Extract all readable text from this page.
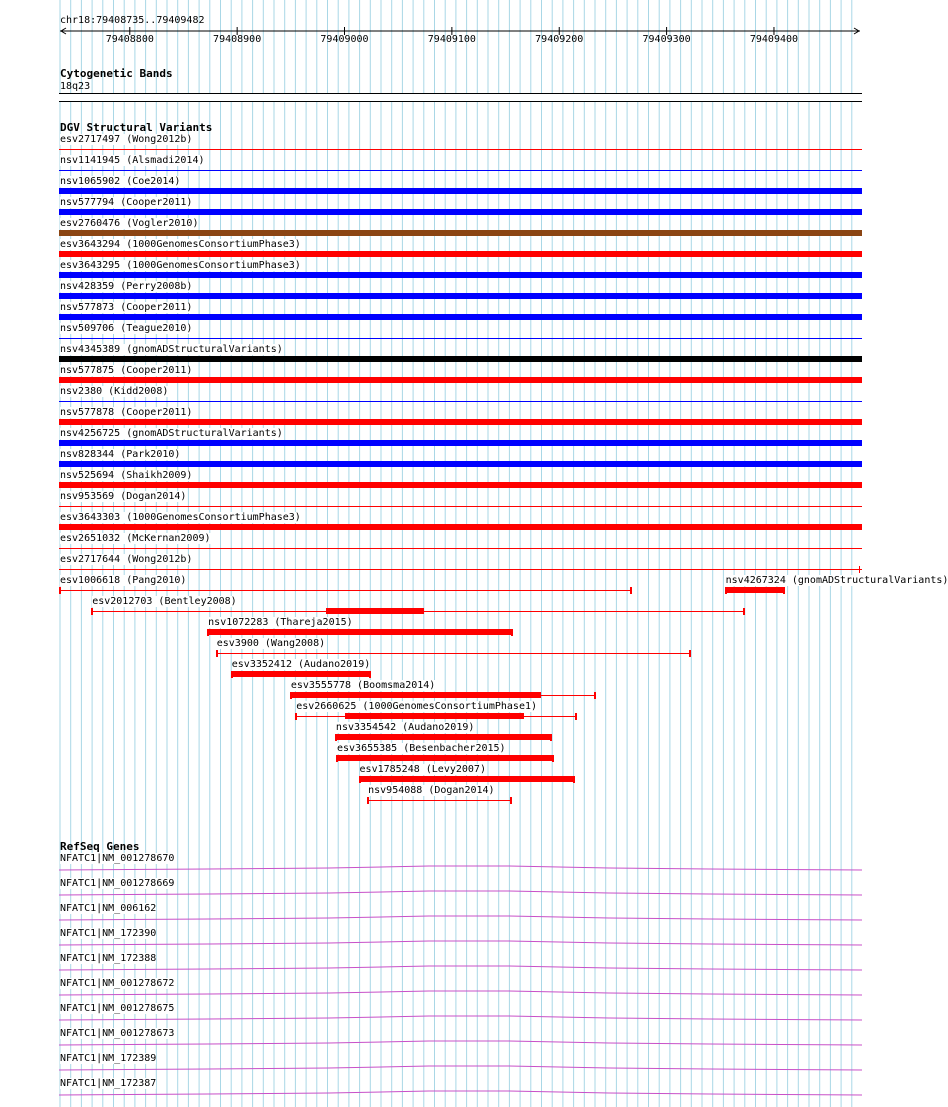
chr18:79408735..79409482
79408800	79408900	79409000	79409100	79409200	79409300	79409400
Cytogenetic Bands
18q23
DGV Structural Variants
esv2717497 (Wong2012b)
nsv1141945 (Alsmadi2014)
nsv1065902 (Coe2014)
nsv577794 (Cooper2011)
esv2760476 (Vogler2010)
esv3643294 (1000GenomesConsortiumPhase3)
esv3643295 (1000GenomesConsortiumPhase3)
nsv428359 (Perry2008b)
nsv577873 (Cooper2011)
nsv509706 (Teague2010)
nsv4345389 (gnomADStructuralVariants)
nsv577875 (Cooper2011)
nsv2380 (Kidd2008)
nsv577878 (Cooper2011)
nsv4256725 (gnomADStructuralVariants)
nsv828344 (Park2010)
nsv525694 (Shaikh2009)
nsv953569 (Dogan2014)
esv3643303 (1000GenomesConsortiumPhase3)
esv2651032 (McKernan2009)
esv2717644 (Wong2012b)
esv1006618 (Pang2010)	nsv4267324 (gnomADStructuralVariants)
esv2012703 (Bentley2008)
nsv1072283 (Thareja2015)
esv3900 (Wang2008)
esv3352412 (Audano2019)
esv3555778 (Boomsma2014)
esv2660625 (1000GenomesConsortiumPhase1)
nsv3354542 (Audano2019)
esv3655385 (Besenbacher2015)
esv1785248 (Levy2007)
nsv954088 (Dogan2014)
RefSeq Genes
NFATC1|NM_001278670
NFATC1|NM_001278669
NFATC1|NM_006162
NFATC1|NM_172390
NFATC1|NM_172388
NFATC1|NM_001278672
NFATC1|NM_001278675
NFATC1|NM_001278673
NFATC1|NM_172389
NFATC1|NM_172387
